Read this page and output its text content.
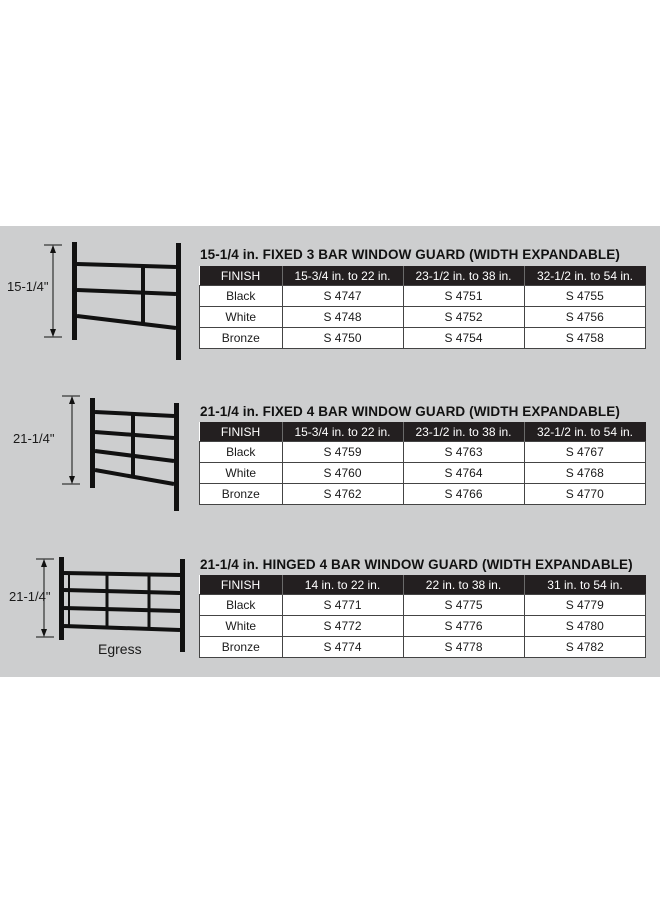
15-1/4"
15-1/4 in. FIXED 3 BAR WINDOW GUARD (WIDTH EXPANDABLE)
FINISH	15-3/4 in. to 22 in.	23-1/2 in. to 38 in.	32-1/2 in. to 54 in.
Black	S 4747	S 4751	S 4755
White	S 4748	S 4752	S 4756
Bronze	S 4750	S 4754	S 4758
21-1/4"
21-1/4 in. FIXED 4 BAR WINDOW GUARD (WIDTH EXPANDABLE)
FINISH	15-3/4 in. to 22 in.	23-1/2 in. to 38 in.	32-1/2 in. to 54 in.
Black	S 4759	S 4763	S 4767
White	S 4760	S 4764	S 4768
Bronze	S 4762	S 4766	S 4770
21-1/4"
Egress
21-1/4 in. HINGED 4 BAR WINDOW GUARD (WIDTH EXPANDABLE)
FINISH	14 in. to 22 in.	22 in. to 38 in.	31 in. to 54 in.
Black	S 4771	S 4775	S 4779
White	S 4772	S 4776	S 4780
Bronze	S 4774	S 4778	S 4782
